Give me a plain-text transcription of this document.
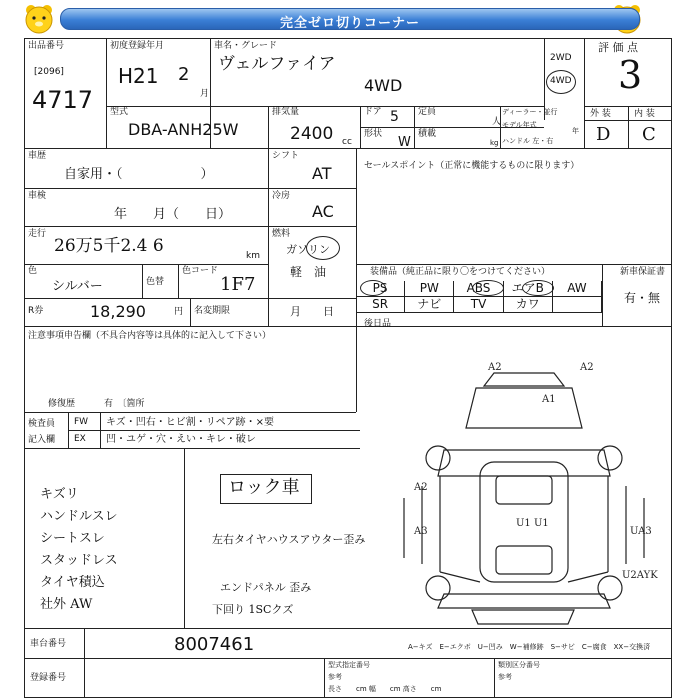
完全ゼロ切りコーナー
出品番号
[2096]
4717
初度登録年月
H21 2
月
車名・グレード
ヴェルファイア
4WD
2WD
4WD
評 価 点
3
型式
DBA-ANH25W
排気量
2400 cc
ドア 5
形状
W
定員
人
積載
kg
ディーラー・並行
モデル年式
年
ハンドル 左・右
外 装	内 装
D C
車歴
自家用・（　　　　　　）
シフト
AT
車検
年　　月（　　日）
冷房
AC
走行
26万5千2.4 6	km
燃料
ガソリン
軽　油
色
シルバー	色替
色コード
1F7
R券	18,290	円 名変期限	月　　日
セールスポイント（正常に機能するものに限ります）
装備品（純正品に限り〇をつけてください）	新車保証書
有・無
PS	PW	ABS	エアB	AW
SR	ナビ	TV	カワ
後日品
注意事項申告欄（不具合内容等は具体的に記入して下さい）
修復歴	有　〔箇所
検査員
記入欄
FW
EX
キズ・凹右・ヒビ割・リペア跡・×要
凹・ユゲ・穴・えい・キレ・破レ
キズリ
ハンドルスレ
シートスレ
スタッドレス
タイヤ積込
社外 AW
ロック車
左右タイヤハウスアウター歪み
エンドパネル 歪み
下回り 1SCクズ
A2	A2
A1
A2
A3
U1 U1
UA3
U2AYK
車台番号	8007461	A−キズ　E−エクボ　U−凹み　W−補修跡　S−サビ　C−腐食　XX−交換済
登録番号
型式指定番号
参考
類別区分番号
参考
長さ　　cm 幅　　cm 高さ　　cm
